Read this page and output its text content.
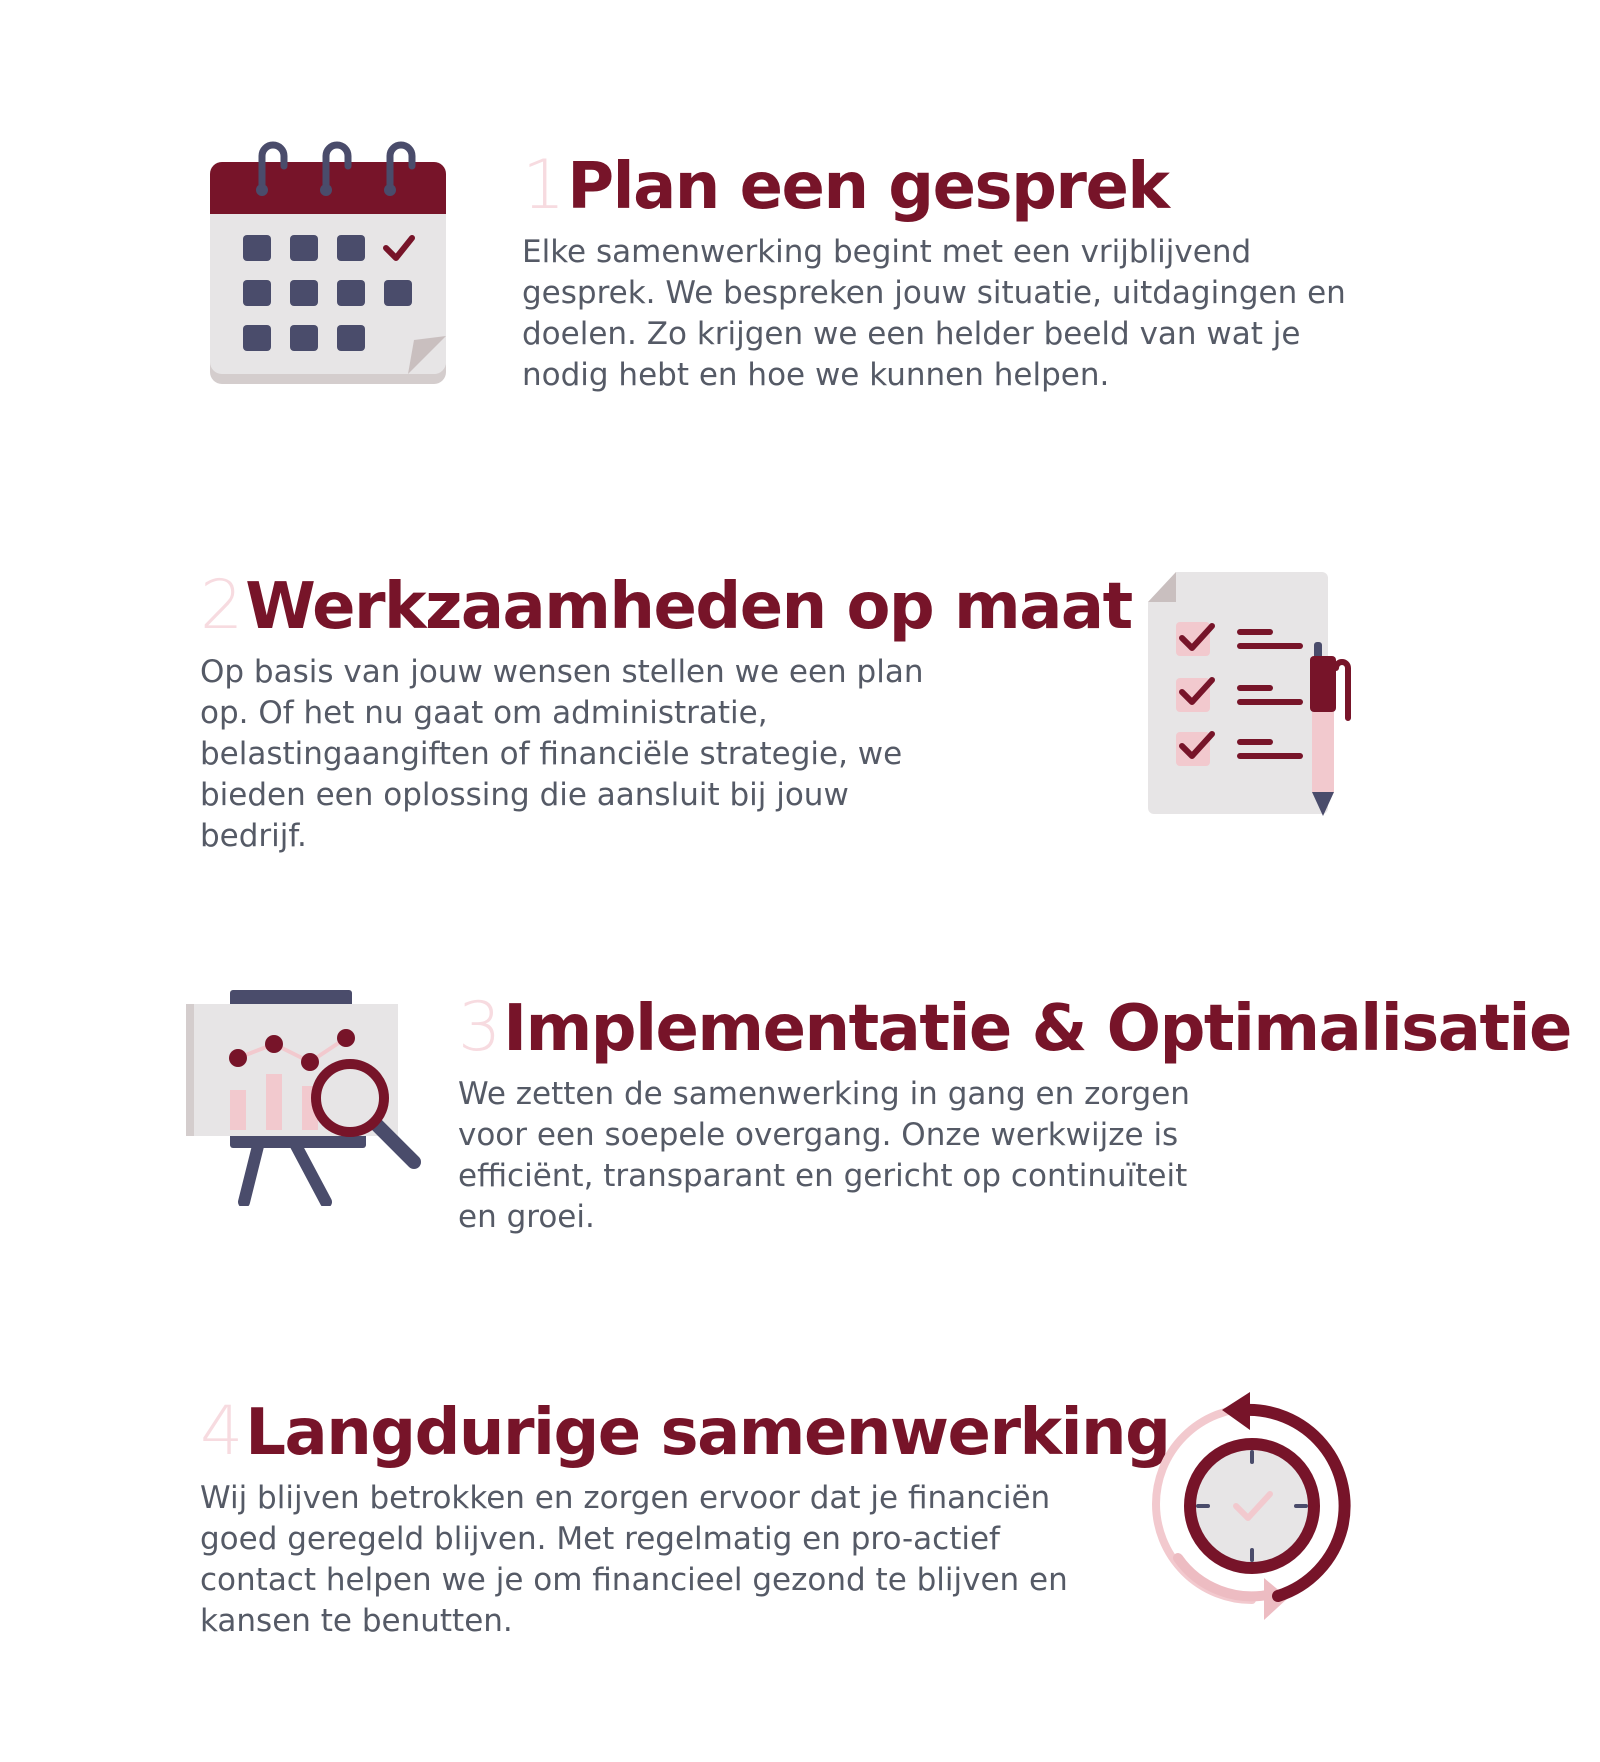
1Plan een gesprek

Elke samenwerking begint met een vrijblijvend gesprek. We bespreken jouw situatie, uitdagingen en doelen. Zo krijgen we een helder beeld van wat je nodig hebt en hoe we kunnen helpen.

2Werkzaamheden op maat

Op basis van jouw wensen stellen we een plan op. Of het nu gaat om administratie, belastingaangiften of financiële strategie, we bieden een oplossing die aansluit bij jouw bedrijf.

3Implementatie & Optimalisatie

We zetten de samenwerking in gang en zorgen voor een soepele overgang. Onze werkwijze is efficiënt, transparant en gericht op continuïteit en groei.

4Langdurige samenwerking

Wij blijven betrokken en zorgen ervoor dat je financiën goed geregeld blijven. Met regelmatig en pro-actief contact helpen we je om financieel gezond te blijven en kansen te benutten.
